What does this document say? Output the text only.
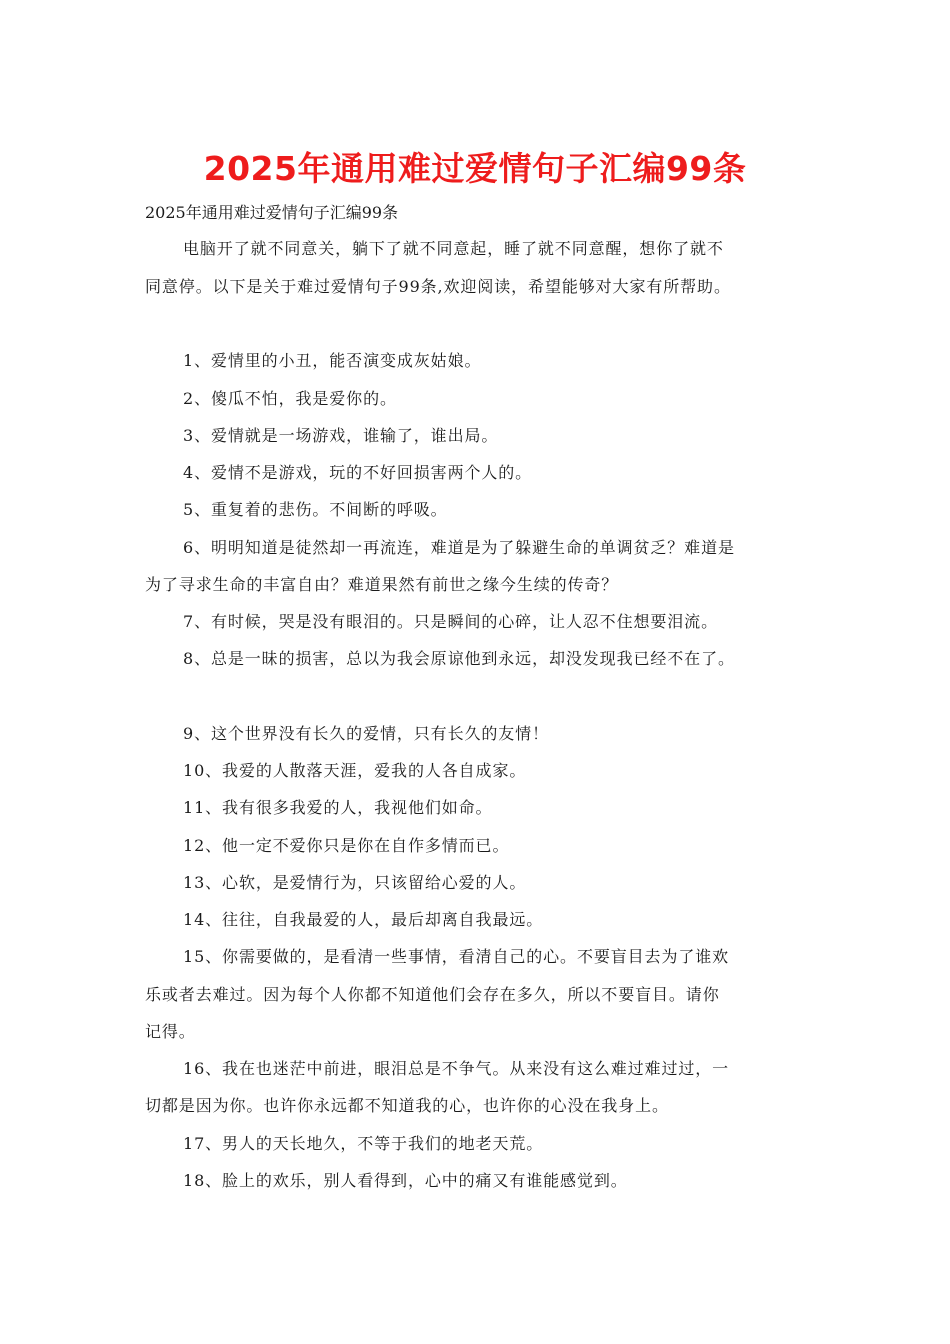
2025年通用难过爱情句子汇编99条

2025年通用难过爱情句子汇编99条

电脑开了就不同意关，躺下了就不同意起，睡了就不同意醒，想你了就不

同意停。以下是关于难过爱情句子99条,欢迎阅读，希望能够对大家有所帮助。

1、爱情里的小丑，能否演变成灰姑娘。

2、傻瓜不怕，我是爱你的。

3、爱情就是一场游戏，谁输了，谁出局。

4、爱情不是游戏，玩的不好回损害两个人的。

5、重复着的悲伤。不间断的呼吸。

6、明明知道是徒然却一再流连，难道是为了躲避生命的单调贫乏？难道是

为了寻求生命的丰富自由？难道果然有前世之缘今生续的传奇？

7、有时候，哭是没有眼泪的。只是瞬间的心碎，让人忍不住想要泪流。

8、总是一昧的损害，总以为我会原谅他到永远，却没发现我已经不在了。

9、这个世界没有长久的爱情，只有长久的友情！

10、我爱的人散落天涯，爱我的人各自成家。

11、我有很多我爱的人，我视他们如命。

12、他一定不爱你只是你在自作多情而已。

13、心软，是爱情行为，只该留给心爱的人。

14、往往，自我最爱的人，最后却离自我最远。

15、你需要做的，是看清一些事情，看清自己的心。不要盲目去为了谁欢

乐或者去难过。因为每个人你都不知道他们会存在多久，所以不要盲目。请你

记得。

16、我在也迷茫中前进，眼泪总是不争气。从来没有这么难过难过过，一

切都是因为你。也许你永远都不知道我的心，也许你的心没在我身上。

17、男人的天长地久，不等于我们的地老天荒。

18、脸上的欢乐，别人看得到，心中的痛又有谁能感觉到。
